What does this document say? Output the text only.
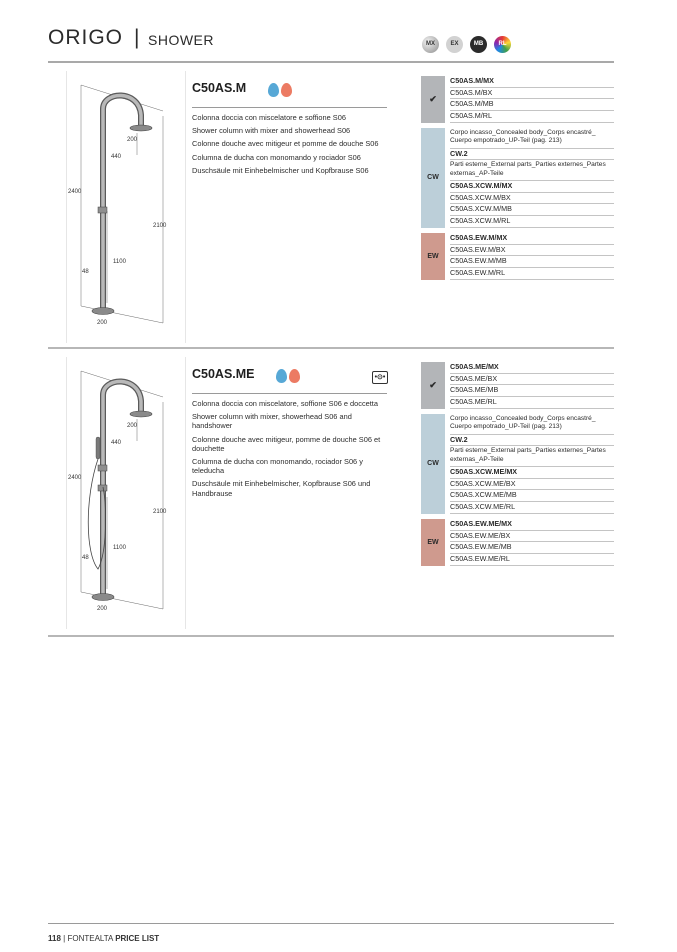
ORIGO | SHOWER	MX	EX	MB	RL
200
440
2400
2100
1100
48
200
C50AS.M

Colonna doccia con miscelatore e soffione S06

Shower column with mixer and showerhead S06

Colonne douche avec mitigeur et pomme de douche S06

Columna de ducha con monomando y rociador S06

Duschsäule mit Einhebelmischer und Kopfbrause S06

✔
C50AS.M/MX
C50AS.M/BX
C50AS.M/MB
C50AS.M/RL
CW
Corpo incasso_Concealed body_Corps encastré_ Cuerpo empotrado_UP-Teil (pag. 213)
CW.2
Parti esterne_External parts_Parties externes_Partes externas_AP-Teile
C50AS.XCW.M/MX
C50AS.XCW.M/BX
C50AS.XCW.M/MB
C50AS.XCW.M/RL
EW
C50AS.EW.M/MX
C50AS.EW.M/BX
C50AS.EW.M/MB
C50AS.EW.M/RL
200
440
2400
2100
1100
48
200
C50AS.ME	•⊙•

Colonna doccia con miscelatore, soffione S06 e doccetta

Shower column with mixer, showerhead S06 and handshower

Colonne douche avec mitigeur, pomme de douche S06 et douchette

Columna de ducha con monomando, rociador S06 y teleducha

Duschsäule mit Einhebelmischer, Kopfbrause S06 und Handbrause

✔
C50AS.ME/MX
C50AS.ME/BX
C50AS.ME/MB
C50AS.ME/RL
CW
Corpo incasso_Concealed body_Corps encastré_ Cuerpo empotrado_UP-Teil (pag. 213)
CW.2
Parti esterne_External parts_Parties externes_Partes externas_AP-Teile
C50AS.XCW.ME/MX
C50AS.XCW.ME/BX
C50AS.XCW.ME/MB
C50AS.XCW.ME/RL
EW
C50AS.EW.ME/MX
C50AS.EW.ME/BX
C50AS.EW.ME/MB
C50AS.EW.ME/RL
118 | FONTEALTA PRICE LIST
